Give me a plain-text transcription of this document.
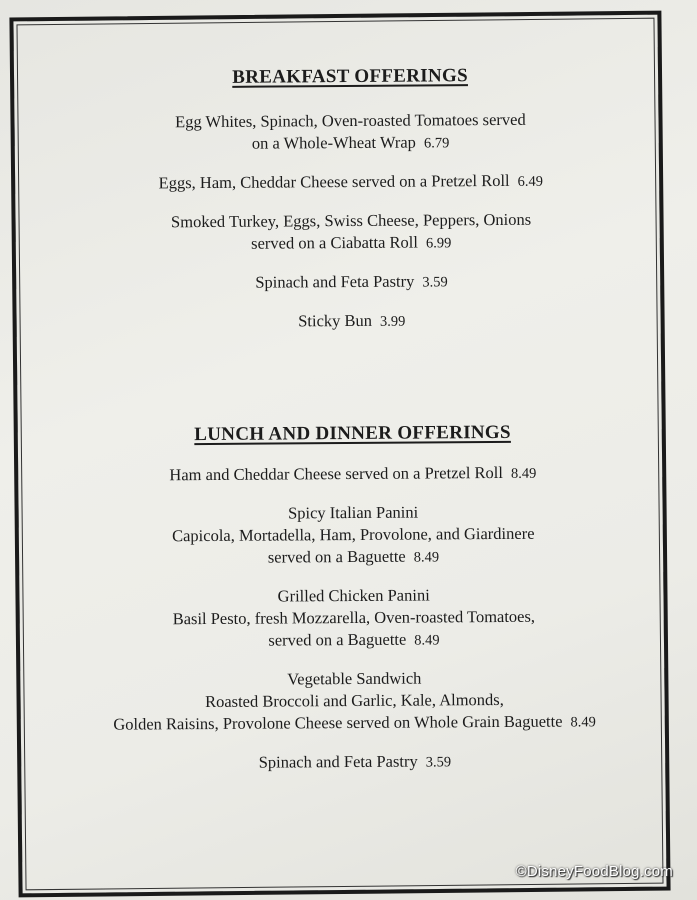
BREAKFAST OFFERINGS
Egg Whites, Spinach, Oven-roasted Tomatoes served
on a Whole-Wheat Wrap 6.79
Eggs, Ham, Cheddar Cheese served on a Pretzel Roll 6.49
Smoked Turkey, Eggs, Swiss Cheese, Peppers, Onions
served on a Ciabatta Roll 6.99
Spinach and Feta Pastry 3.59
Sticky Bun 3.99
LUNCH AND DINNER OFFERINGS
Ham and Cheddar Cheese served on a Pretzel Roll 8.49
Spicy Italian Panini
Capicola, Mortadella, Ham, Provolone, and Giardinere
served on a Baguette 8.49
Grilled Chicken Panini
Basil Pesto, fresh Mozzarella, Oven-roasted Tomatoes,
served on a Baguette 8.49
Vegetable Sandwich
Roasted Broccoli and Garlic, Kale, Almonds,
Golden Raisins, Provolone Cheese served on Whole Grain Baguette 8.49
Spinach and Feta Pastry 3.59
©DisneyFoodBlog.com
